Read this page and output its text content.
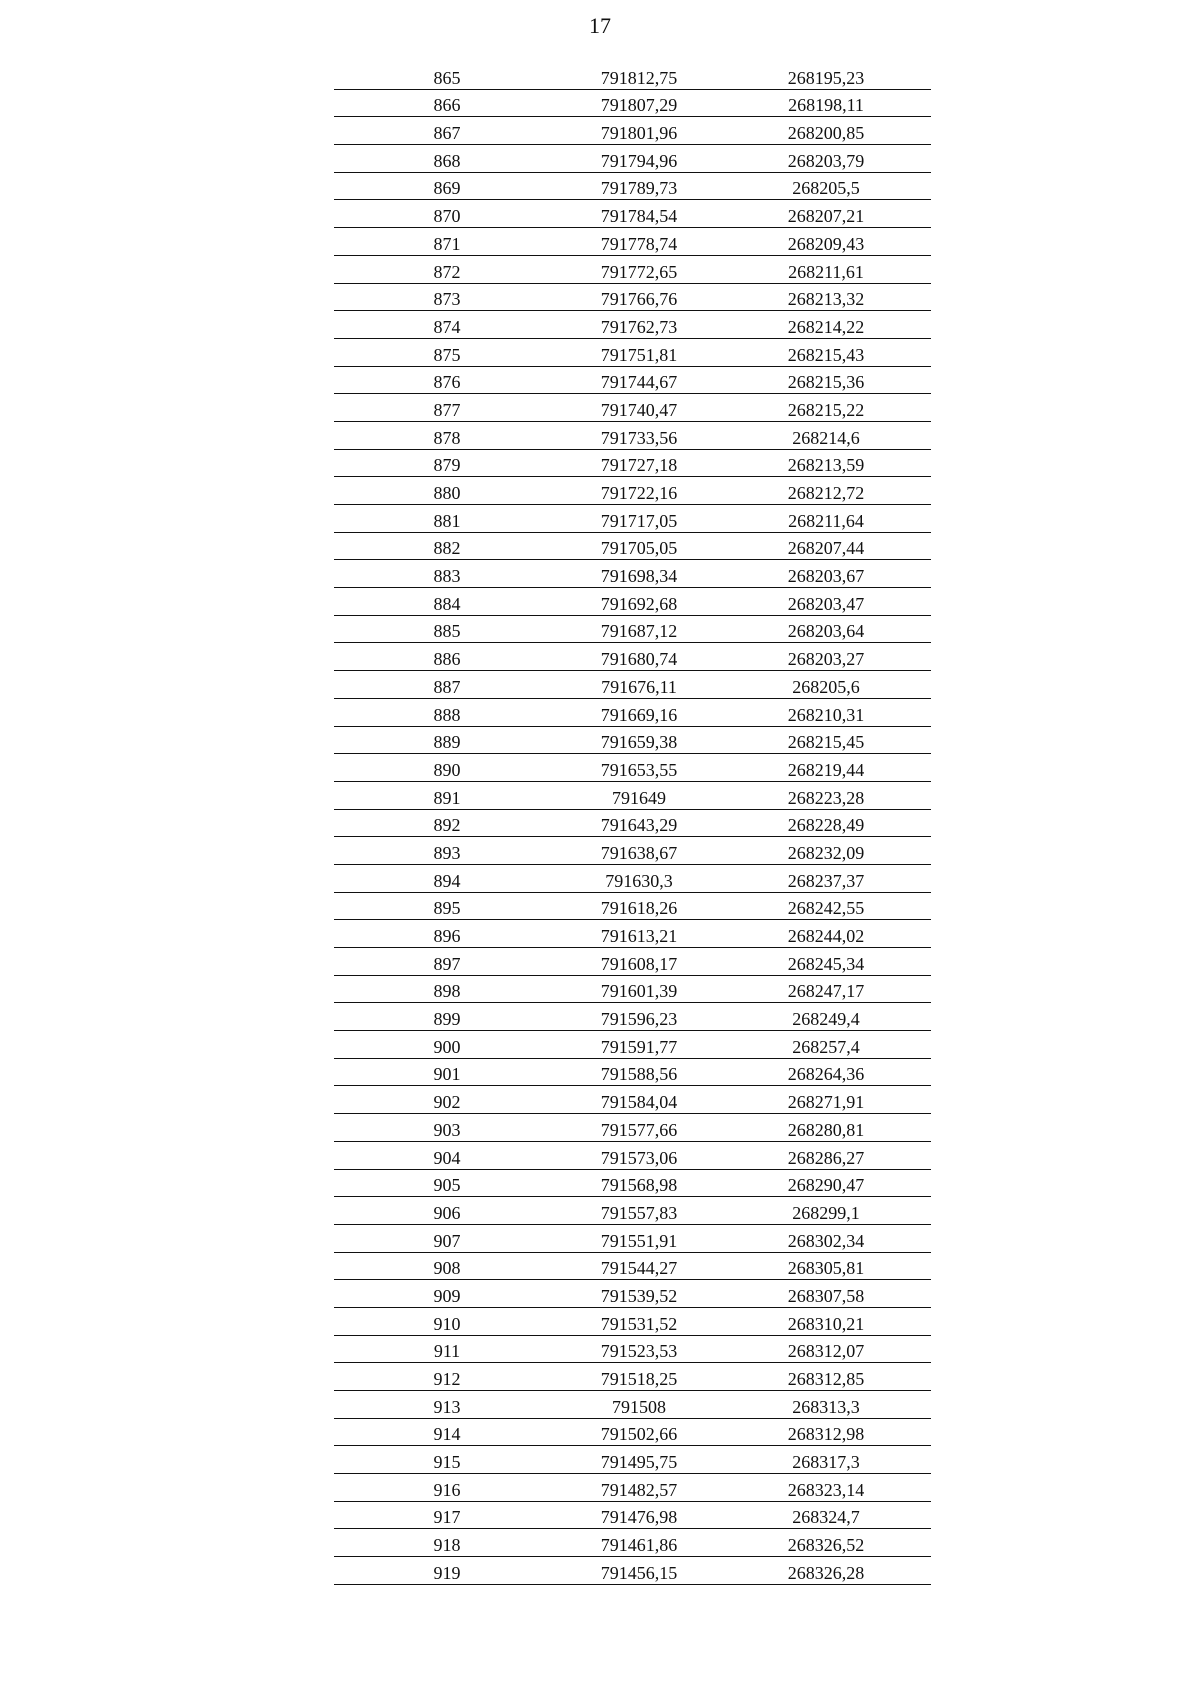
17
865	791812,75	268195,23
866	791807,29	268198,11
867	791801,96	268200,85
868	791794,96	268203,79
869	791789,73	268205,5
870	791784,54	268207,21
871	791778,74	268209,43
872	791772,65	268211,61
873	791766,76	268213,32
874	791762,73	268214,22
875	791751,81	268215,43
876	791744,67	268215,36
877	791740,47	268215,22
878	791733,56	268214,6
879	791727,18	268213,59
880	791722,16	268212,72
881	791717,05	268211,64
882	791705,05	268207,44
883	791698,34	268203,67
884	791692,68	268203,47
885	791687,12	268203,64
886	791680,74	268203,27
887	791676,11	268205,6
888	791669,16	268210,31
889	791659,38	268215,45
890	791653,55	268219,44
891	791649	268223,28
892	791643,29	268228,49
893	791638,67	268232,09
894	791630,3	268237,37
895	791618,26	268242,55
896	791613,21	268244,02
897	791608,17	268245,34
898	791601,39	268247,17
899	791596,23	268249,4
900	791591,77	268257,4
901	791588,56	268264,36
902	791584,04	268271,91
903	791577,66	268280,81
904	791573,06	268286,27
905	791568,98	268290,47
906	791557,83	268299,1
907	791551,91	268302,34
908	791544,27	268305,81
909	791539,52	268307,58
910	791531,52	268310,21
911	791523,53	268312,07
912	791518,25	268312,85
913	791508	268313,3
914	791502,66	268312,98
915	791495,75	268317,3
916	791482,57	268323,14
917	791476,98	268324,7
918	791461,86	268326,52
919	791456,15	268326,28
